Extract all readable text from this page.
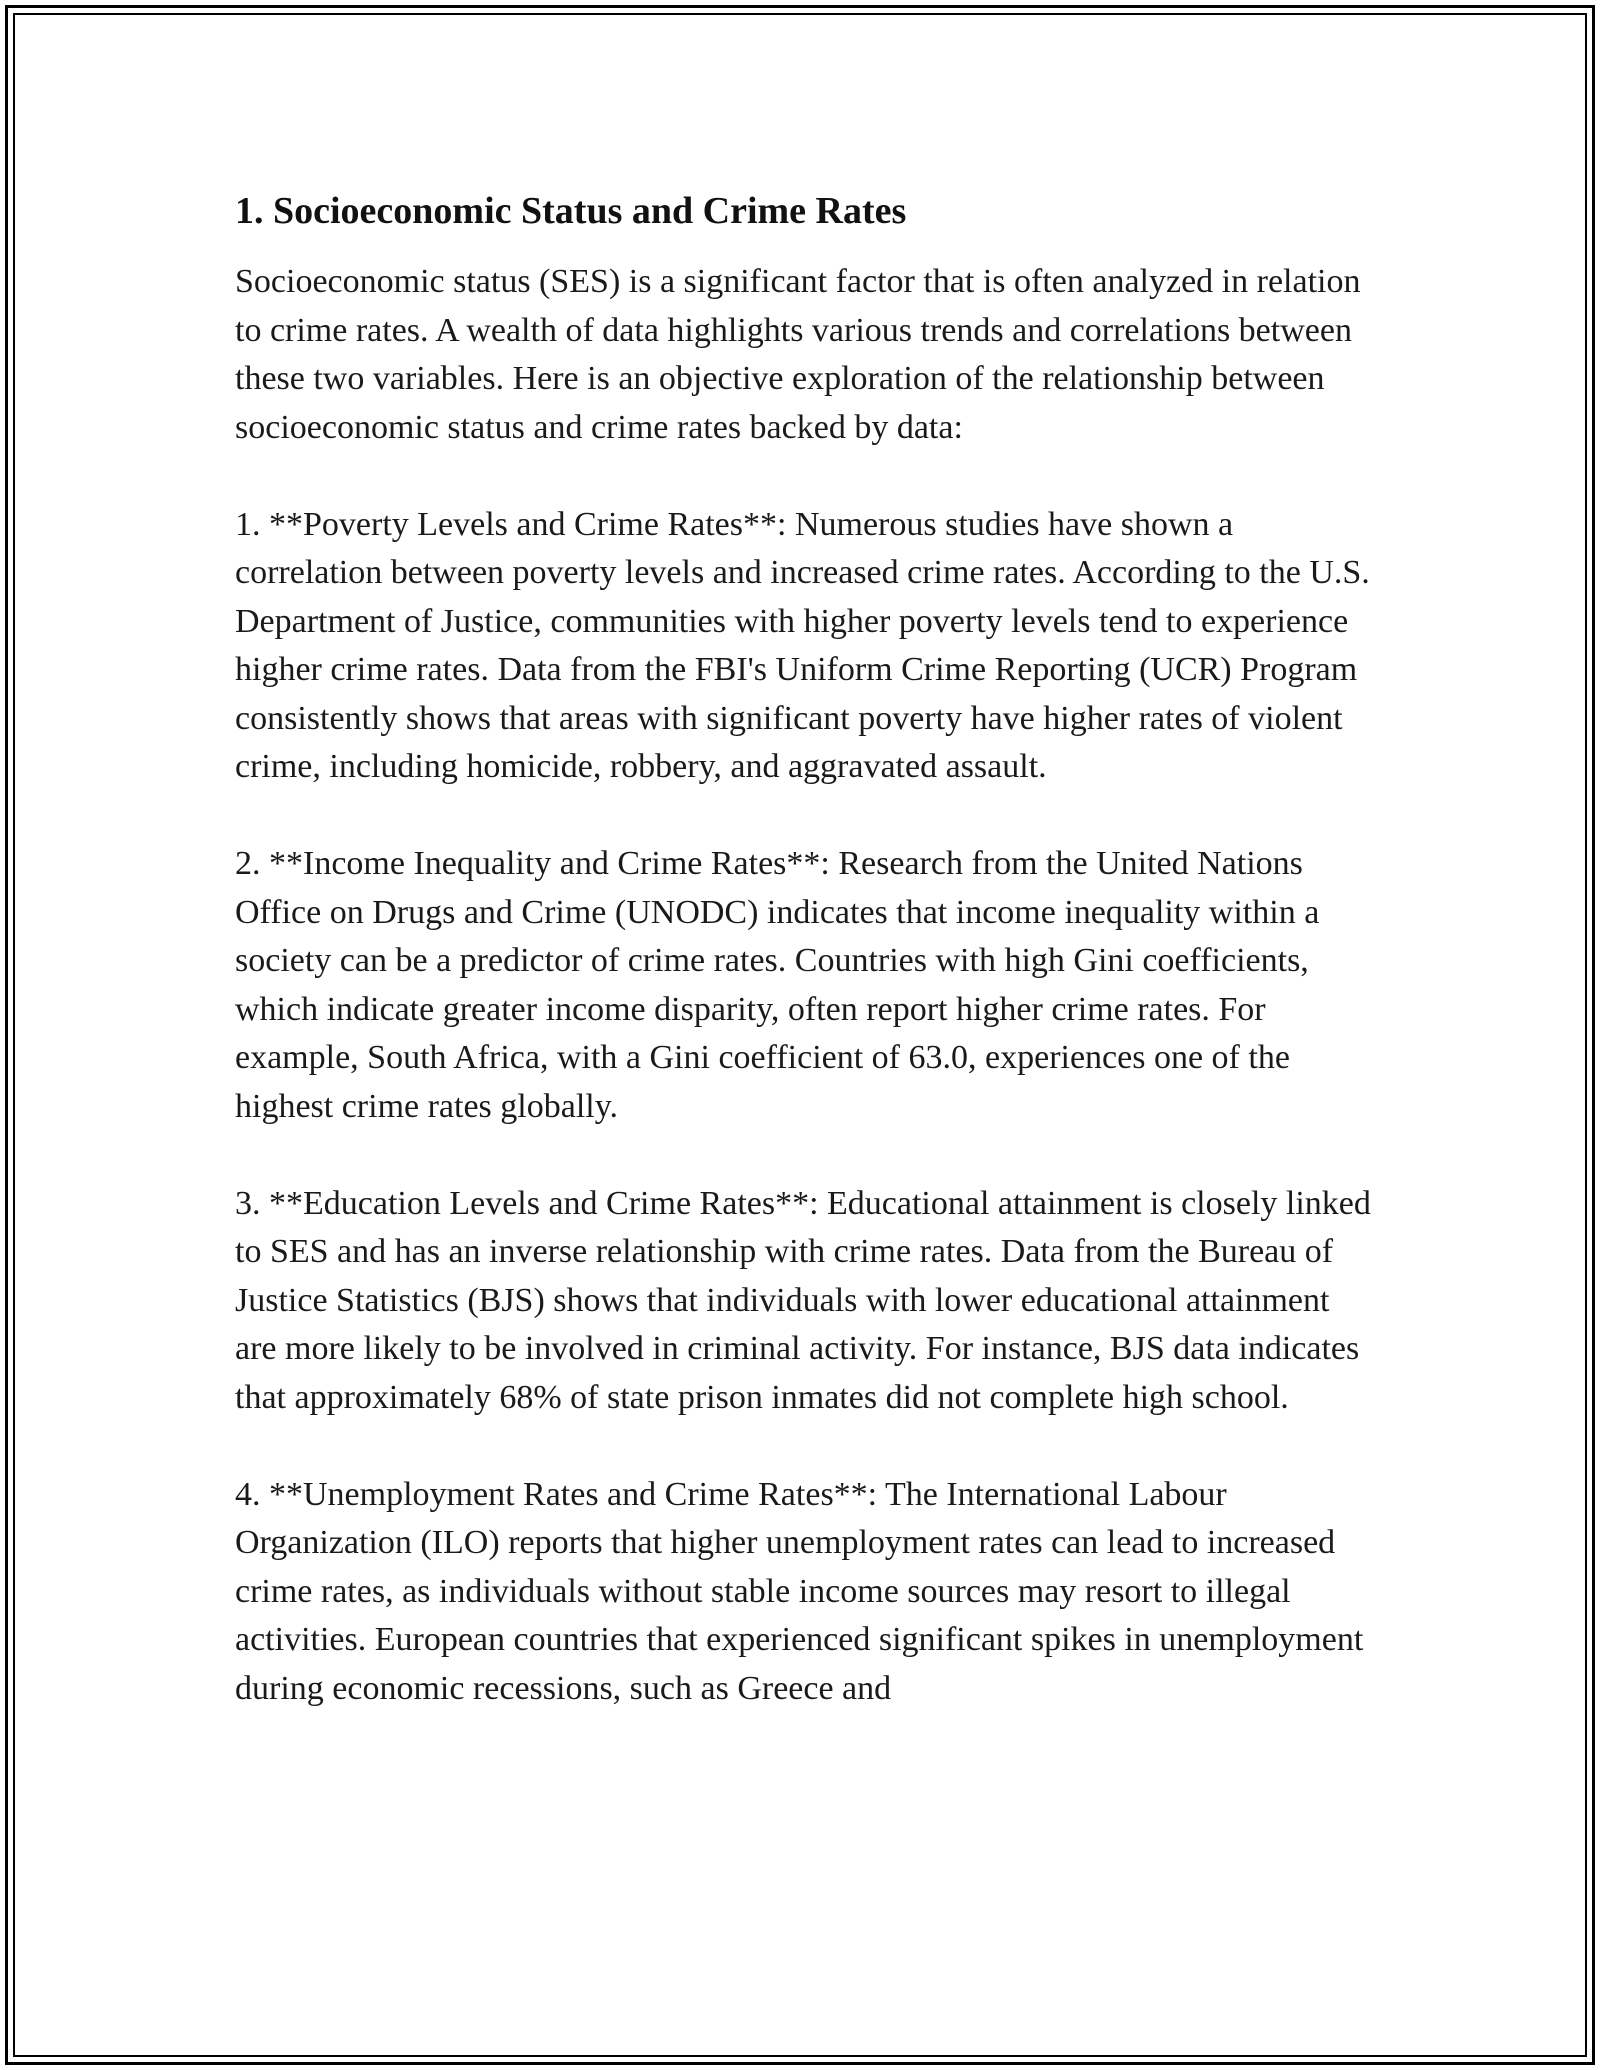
1. Socioeconomic Status and Crime Rates

Socioeconomic status (SES) is a significant factor that is often analyzed in relation to crime rates. A wealth of data highlights various trends and correlations between these two variables. Here is an objective exploration of the relationship between socioeconomic status and crime rates backed by data:

1. **Poverty Levels and Crime Rates**: Numerous studies have shown a correlation between poverty levels and increased crime rates. According to the U.S. Department of Justice, communities with higher poverty levels tend to experience higher crime rates. Data from the FBI's Uniform Crime Reporting (UCR) Program consistently shows that areas with significant poverty have higher rates of violent crime, including homicide, robbery, and aggravated assault.

2. **Income Inequality and Crime Rates**: Research from the United Nations Office on Drugs and Crime (UNODC) indicates that income inequality within a society can be a predictor of crime rates. Countries with high Gini coefficients, which indicate greater income disparity, often report higher crime rates. For example, South Africa, with a Gini coefficient of 63.0, experiences one of the highest crime rates globally.

3. **Education Levels and Crime Rates**: Educational attainment is closely linked to SES and has an inverse relationship with crime rates. Data from the Bureau of Justice Statistics (BJS) shows that individuals with lower educational attainment are more likely to be involved in criminal activity. For instance, BJS data indicates that approximately 68% of state prison inmates did not complete high school.

4. **Unemployment Rates and Crime Rates**: The International Labour Organization (ILO) reports that higher unemployment rates can lead to increased crime rates, as individuals without stable income sources may resort to illegal activities. European countries that experienced significant spikes in unemployment during economic recessions, such as Greece and
